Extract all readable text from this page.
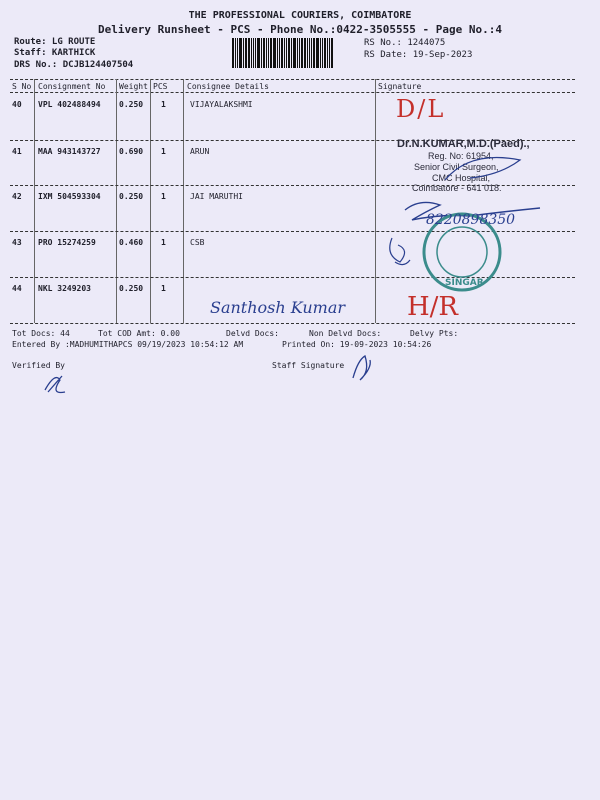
THE PROFESSIONAL COURIERS, COIMBATORE
Delivery Runsheet - PCS - Phone No.:0422-3505555 - Page No.:4
Route: LG ROUTE
Staff: KARTHICK
DRS No.: DCJB124407504
RS No.: 1244075
RS Date: 19-Sep-2023
S No Consignment No Weight PCS Consignee Details	Signature
40 VPL 402488494 0.250 1	VIJAYALAKSHMI
41 MAA 943143727 0.690 1	ARUN
42 IXM 504593304 0.250 1	JAI MARUTHI
43 PRO 15274259	0.460 1	CSB
44 NKL 3249203	0.250 1
Tot Docs: 44	Tot COD Amt: 0.00	Delvd Docs:	Non Delvd Docs:	Delvy Pts:
Entered By :MADHUMITHAPCS 09/19/2023 10:54:12 AM	Printed On: 19-09-2023 10:54:26
Verified By	Staff Signature
D/L
Dr.N.KUMAR,M.D.(Paed).,
Reg. No: 61954,
Senior Civil Surgeon,
CMC Hospital,
Coimbatore - 641 018.
SINGAR
8220898350
Santhosh Kumar H/R
